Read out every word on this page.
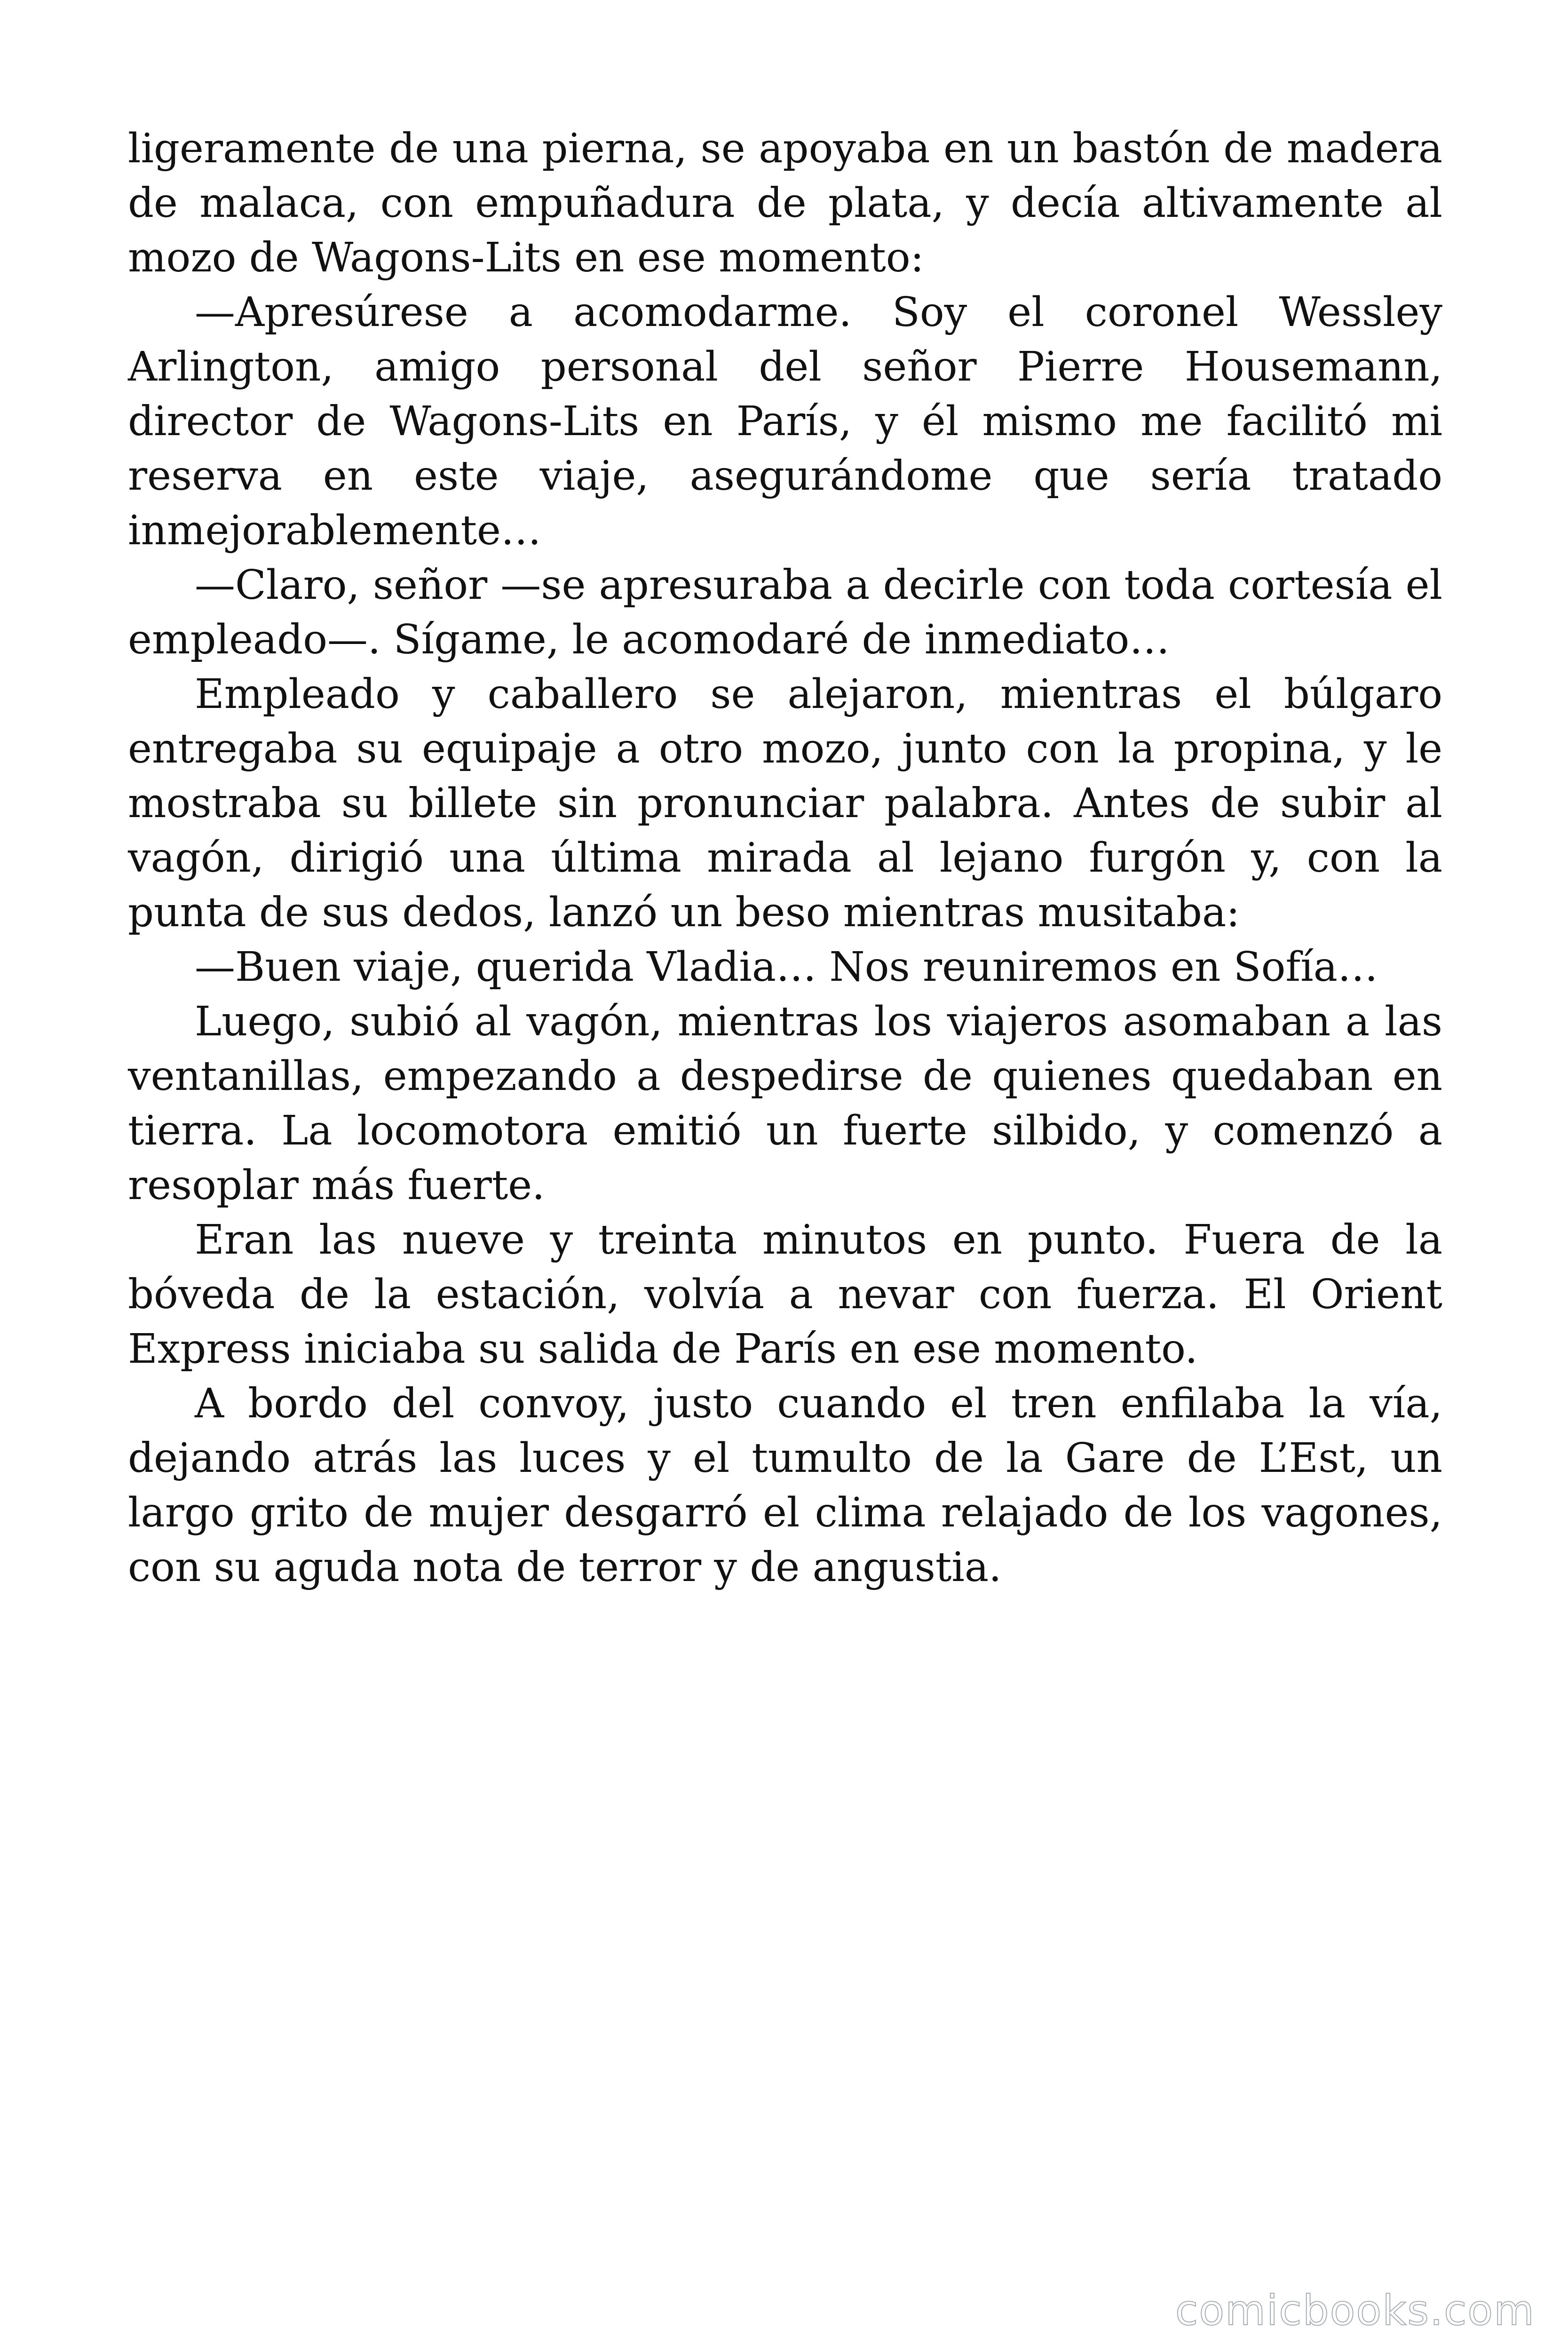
ligeramente de una pierna, se apoyaba en un bastón de madera de malaca, con empuñadura de plata, y decía altivamente al mozo de Wagons-Lits en ese momento:

—Apresúrese a acomodarme. Soy el coronel Wessley Arlington, amigo personal del señor Pierre Housemann, director de Wagons-Lits en París, y él mismo me facilitó mi reserva en este viaje, asegurándome que sería tratado inmejorablemente…

—Claro, señor —se apresuraba a decirle con toda cortesía el empleado—. Sígame, le acomodaré de inmediato…

Empleado y caballero se alejaron, mientras el búlgaro entregaba su equipaje a otro mozo, junto con la propina, y le mostraba su billete sin pronunciar palabra. Antes de subir al vagón, dirigió una última mirada al lejano furgón y, con la punta de sus dedos, lanzó un beso mientras musitaba:

—Buen viaje, querida Vladia… Nos reuniremos en Sofía…

Luego, subió al vagón, mientras los viajeros asomaban a las ventanillas, empezando a despedirse de quienes quedaban en tierra. La locomotora emitió un fuerte silbido, y comenzó a resoplar más fuerte.

Eran las nueve y treinta minutos en punto. Fuera de la bóveda de la estación, volvía a nevar con fuerza. El Orient Express iniciaba su salida de París en ese momento.

A bordo del convoy, justo cuando el tren enfilaba la vía, dejando atrás las luces y el tumulto de la Gare de L’Est, un largo grito de mujer desgarró el clima relajado de los vagones, con su aguda nota de terror y de angustia.

comicbooks.com
